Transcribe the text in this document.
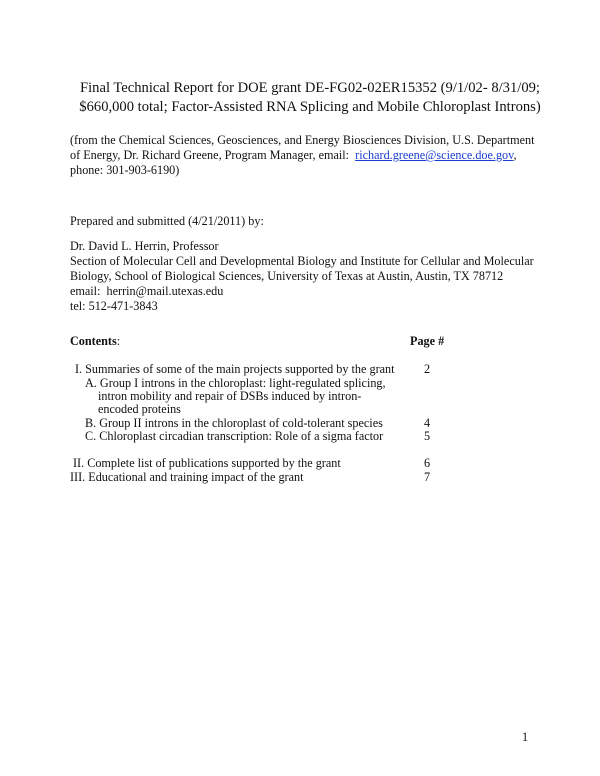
Final Technical Report for DOE grant DE-FG02-02ER15352 (9/1/02- 8/31/09;
$660,000 total; Factor-Assisted RNA Splicing and Mobile Chloroplast Introns)
(from the Chemical Sciences, Geosciences, and Energy Biosciences Division, U.S. Department
of Energy, Dr. Richard Greene, Program Manager, email:  richard.greene@science.doe.gov,
phone: 301-903-6190)
Prepared and submitted (4/21/2011) by:
Dr. David L. Herrin, Professor
Section of Molecular Cell and Developmental Biology and Institute for Cellular and Molecular
Biology, School of Biological Sciences, University of Texas at Austin, Austin, TX 78712
email:  herrin@mail.utexas.edu
tel: 512-471-3843
Contents:	Page #
I. Summaries of some of the main projects supported by the grant 2
A. Group I introns in the chloroplast: light-regulated splicing,
intron mobility and repair of DSBs induced by intron-
encoded proteins
B. Group II introns in the chloroplast of cold-tolerant species	4
C. Chloroplast circadian transcription: Role of a sigma factor	5
II. Complete list of publications supported by the grant	6
III. Educational and training impact of the grant	7
1
